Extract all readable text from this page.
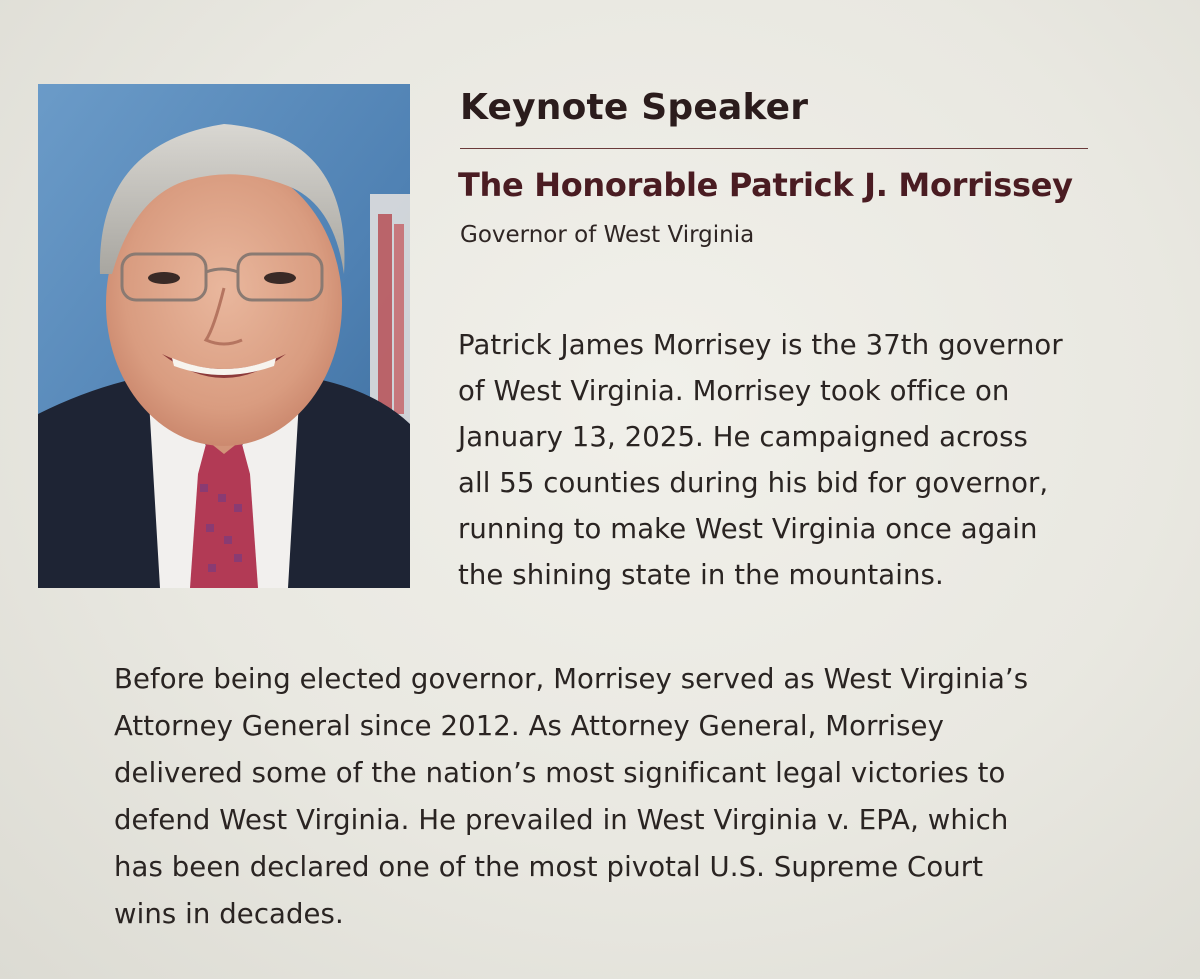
Keynote Speaker
The Honorable Patrick J. Morrissey

Governor of West Virginia

Patrick James Morrisey is the 37th governor
of West Virginia. Morrisey took office on
January 13, 2025. He campaigned across
all 55 counties during his bid for governor,
running to make West Virginia once again
the shining state in the mountains.
Before being elected governor, Morrisey served as West Virginia’s
Attorney General since 2012. As Attorney General, Morrisey
delivered some of the nation’s most significant legal victories to
defend West Virginia. He prevailed in West Virginia v. EPA, which
has been declared one of the most pivotal U.S. Supreme Court
wins in decades.
